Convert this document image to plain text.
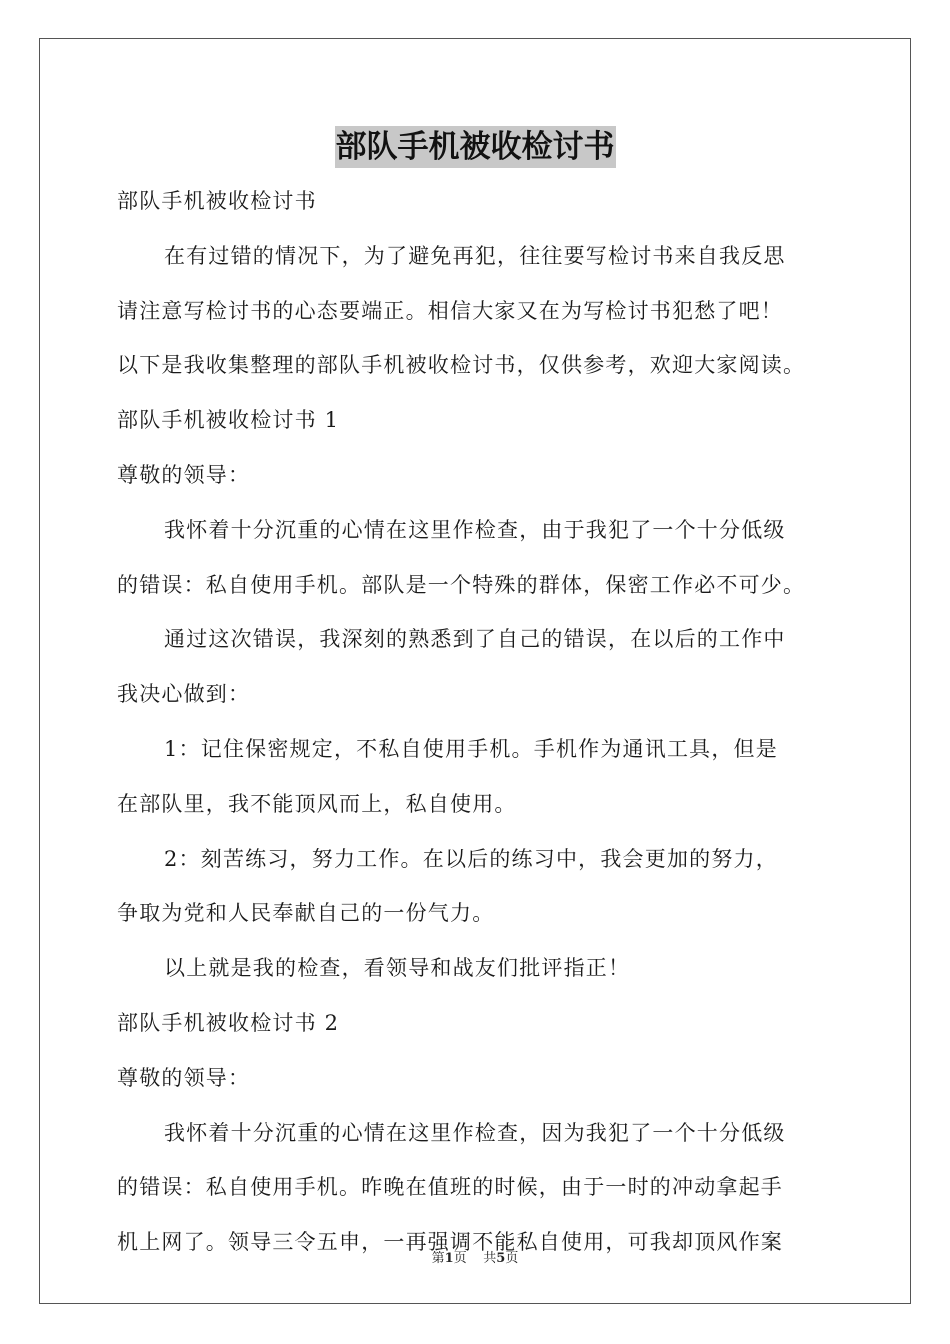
部队手机被收检讨书
部队手机被收检讨书
在有过错的情况下，为了避免再犯，往往要写检讨书来自我反思
请注意写检讨书的心态要端正。相信大家又在为写检讨书犯愁了吧！
以下是我收集整理的部队手机被收检讨书，仅供参考，欢迎大家阅读。
部队手机被收检讨书 1
尊敬的领导：
我怀着十分沉重的心情在这里作检查，由于我犯了一个十分低级
的错误：私自使用手机。部队是一个特殊的群体，保密工作必不可少。
通过这次错误，我深刻的熟悉到了自己的错误，在以后的工作中
我决心做到：
1：记住保密规定，不私自使用手机。手机作为通讯工具，但是
在部队里，我不能顶风而上，私自使用。
2：刻苦练习，努力工作。在以后的练习中，我会更加的努力，
争取为党和人民奉献自己的一份气力。
以上就是我的检查，看领导和战友们批评指正！
部队手机被收检讨书 2
尊敬的领导：
我怀着十分沉重的心情在这里作检查，因为我犯了一个十分低级
的错误：私自使用手机。昨晚在值班的时候，由于一时的冲动拿起手
机上网了。领导三令五申，一再强调不能私自使用，可我却顶风作案
第1页 共5页
